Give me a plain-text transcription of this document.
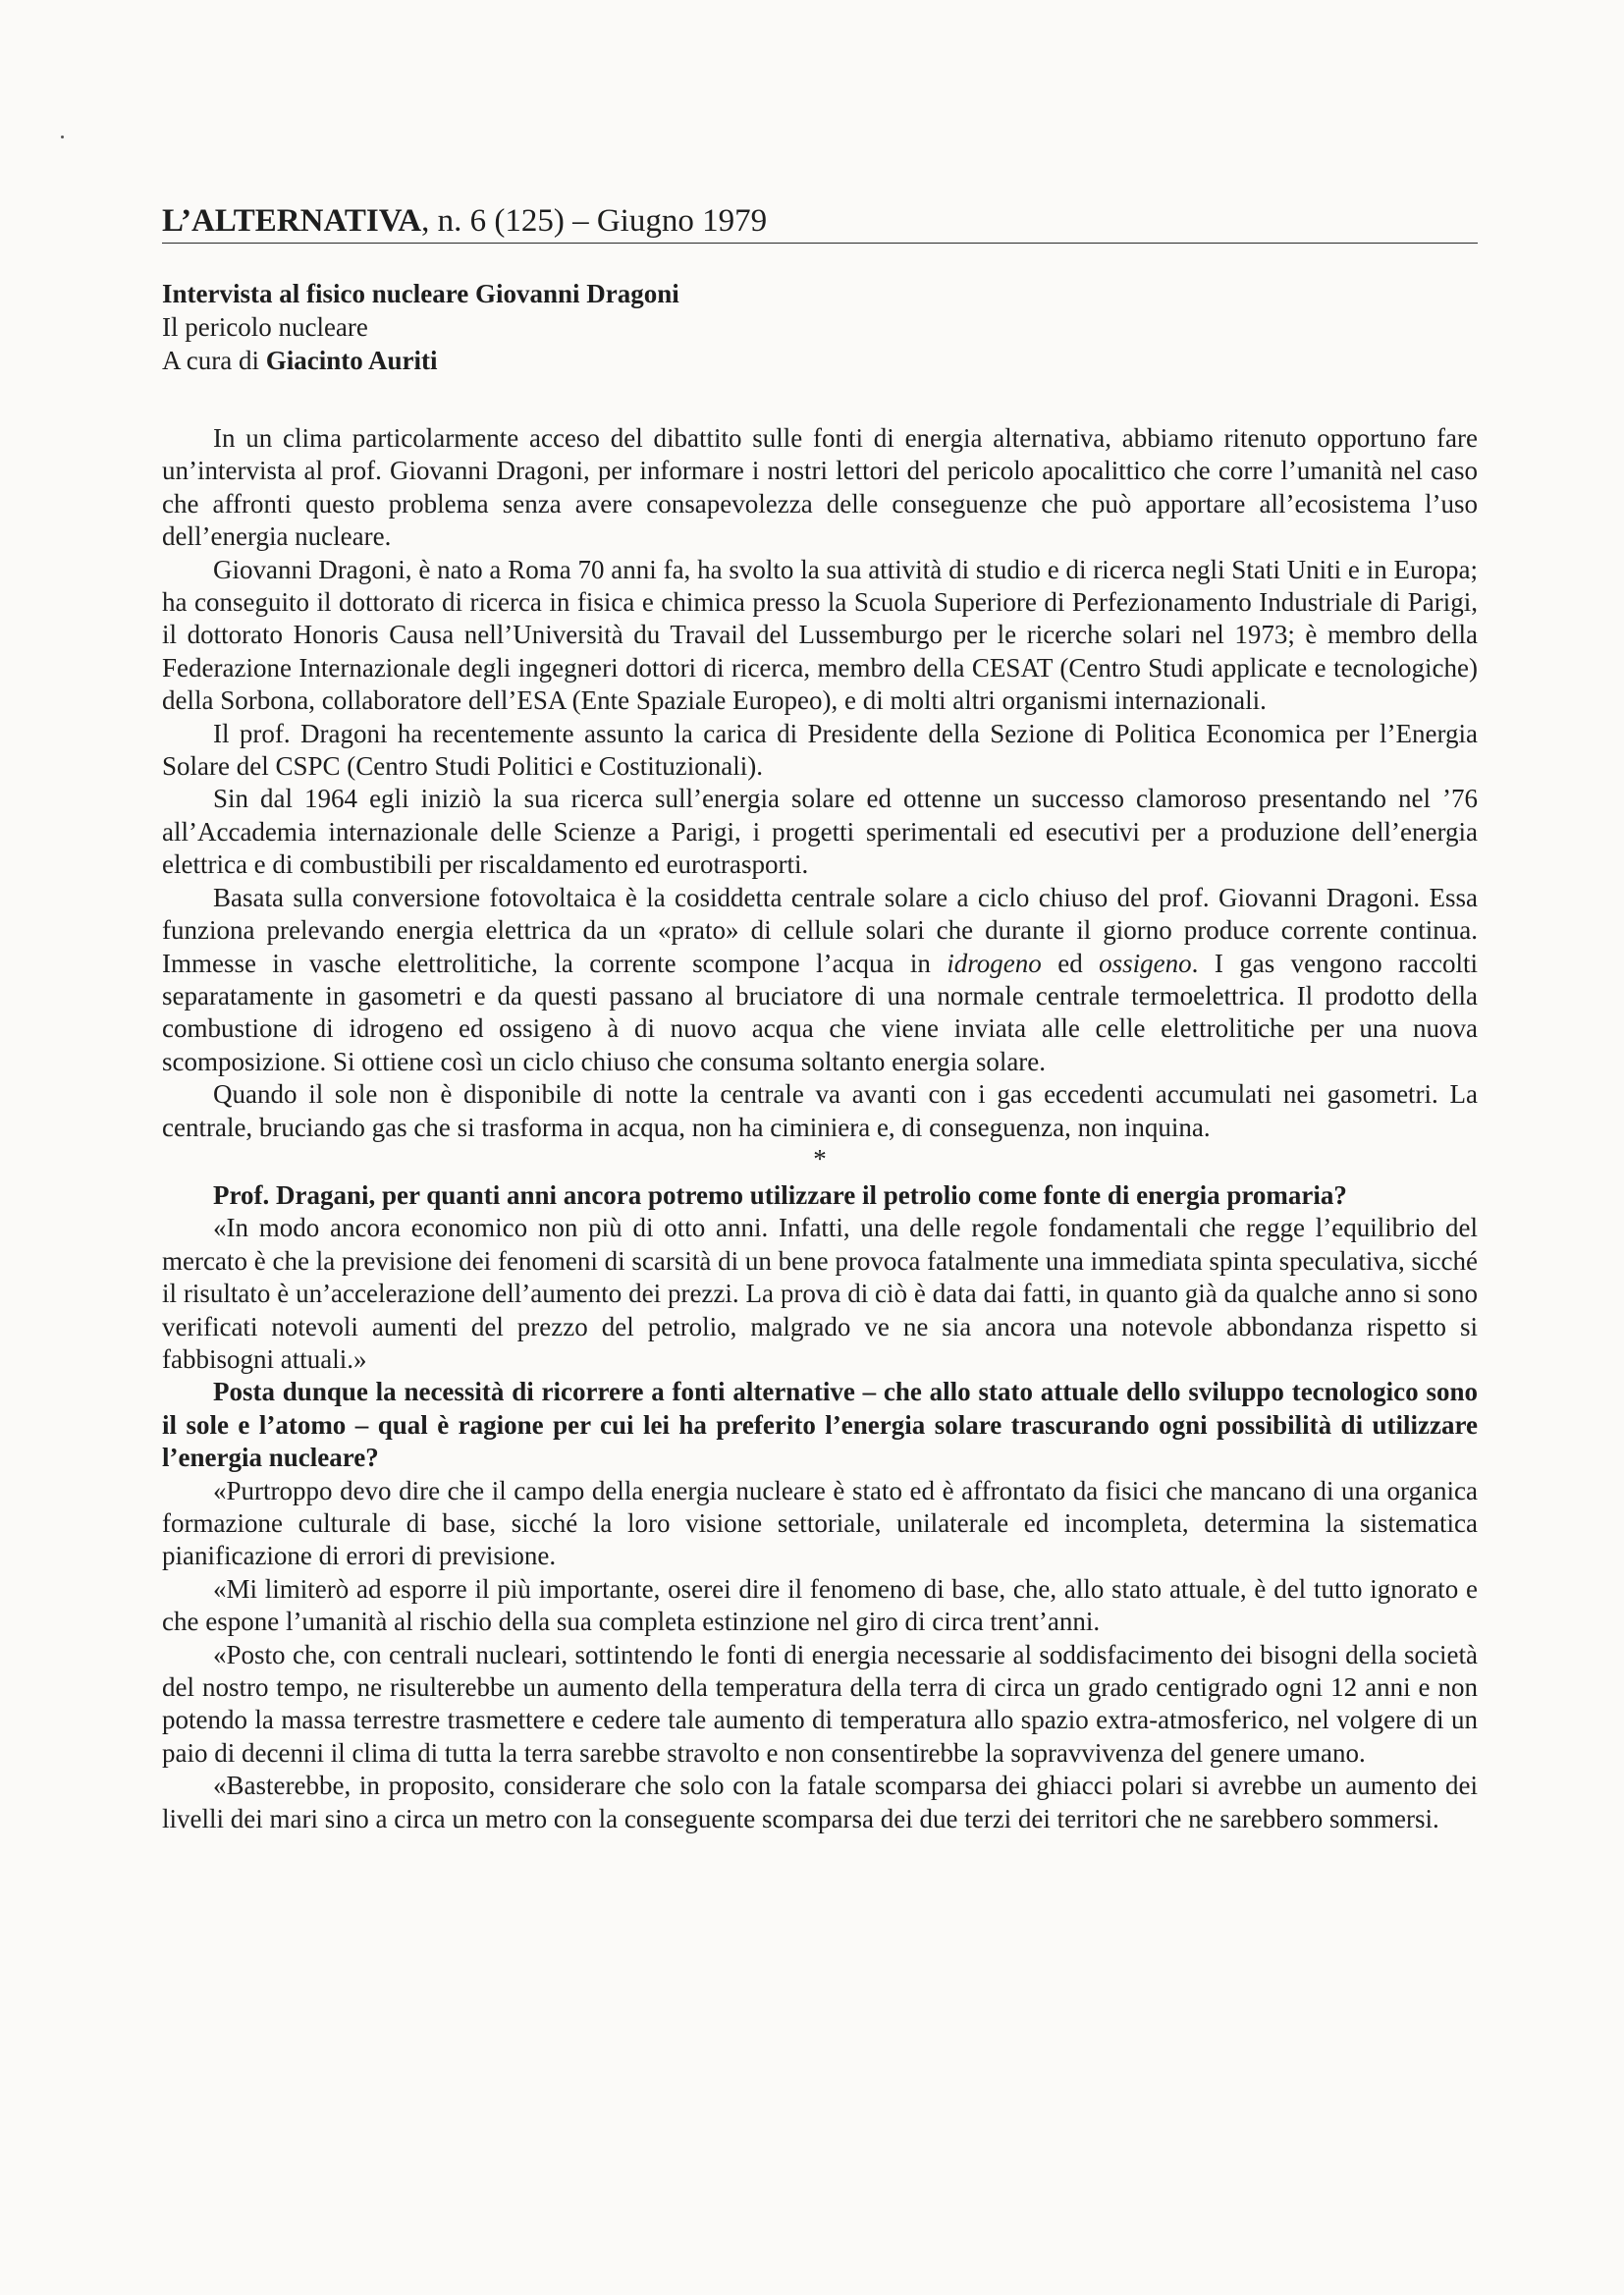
L’ALTERNATIVA, n. 6 (125) – Giugno 1979
Intervista al fisico nucleare Giovanni Dragoni
Il pericolo nucleare
A cura di Giacinto Auriti

In un clima particolarmente acceso del dibattito sulle fonti di energia alternativa, abbiamo ritenuto opportuno fare un’intervista al prof. Giovanni Dragoni, per informare i nostri lettori del pericolo apocalittico che corre l’umanità nel caso che affronti questo problema senza avere consapevolezza delle conseguenze che può apportare all’ecosistema l’uso dell’energia nucleare.

Giovanni Dragoni, è nato a Roma 70 anni fa, ha svolto la sua attività di studio e di ricerca negli Stati Uniti e in Europa; ha conseguito il dottorato di ricerca in fisica e chimica presso la Scuola Superiore di Perfezionamento Industriale di Parigi, il dottorato Honoris Causa nell’Università du Travail del Lussemburgo per le ricerche solari nel 1973; è membro della Federazione Internazionale degli ingegneri dottori di ricerca, membro della CESAT (Centro Studi applicate e tecnologiche) della Sorbona, collaboratore dell’ESA (Ente Spaziale Europeo), e di molti altri organismi internazionali.

Il prof. Dragoni ha recentemente assunto la carica di Presidente della Sezione di Politica Economica per l’Energia Solare del CSPC (Centro Studi Politici e Costituzionali).

Sin dal 1964 egli iniziò la sua ricerca sull’energia solare ed ottenne un successo clamoroso presentando nel ’76 all’Accademia internazionale delle Scienze a Parigi, i progetti sperimentali ed esecutivi per a produzione dell’energia elettrica e di combustibili per riscaldamento ed eurotrasporti.

Basata sulla conversione fotovoltaica è la cosiddetta centrale solare a ciclo chiuso del prof. Giovanni Dragoni. Essa funziona prelevando energia elettrica da un «prato» di cellule solari che durante il giorno produce corrente continua. Immesse in vasche elettrolitiche, la corrente scompone l’acqua in idrogeno ed ossigeno. I gas vengono raccolti separatamente in gasometri e da questi passano al bruciatore di una normale centrale termoelettrica. Il prodotto della combustione di idrogeno ed ossigeno à di nuovo acqua che viene inviata alle celle elettrolitiche per una nuova scomposizione. Si ottiene così un ciclo chiuso che consuma soltanto energia solare.

Quando il sole non è disponibile di notte la centrale va avanti con i gas eccedenti accumulati nei gasometri. La centrale, bruciando gas che si trasforma in acqua, non ha ciminiera e, di conseguenza, non inquina.

*

Prof. Dragani, per quanti anni ancora potremo utilizzare il petrolio come fonte di energia promaria?

«In modo ancora economico non più di otto anni. Infatti, una delle regole fondamentali che regge l’equilibrio del mercato è che la previsione dei fenomeni di scarsità di un bene provoca fatalmente una immediata spinta speculativa, sicché il risultato è un’accelerazione dell’aumento dei prezzi. La prova di ciò è data dai fatti, in quanto già da qualche anno si sono verificati notevoli aumenti del prezzo del petrolio, malgrado ve ne sia ancora una notevole abbondanza rispetto si fabbisogni attuali.»

Posta dunque la necessità di ricorrere a fonti alternative – che allo stato attuale dello sviluppo tecnologico sono il sole e l’atomo – qual è ragione per cui lei ha preferito l’energia solare trascurando ogni possibilità di utilizzare l’energia nucleare?

«Purtroppo devo dire che il campo della energia nucleare è stato ed è affrontato da fisici che mancano di una organica formazione culturale di base, sicché la loro visione settoriale, unilaterale ed incompleta, determina la sistematica pianificazione di errori di previsione.

«Mi limiterò ad esporre il più importante, oserei dire il fenomeno di base, che, allo stato attuale, è del tutto ignorato e che espone l’umanità al rischio della sua completa estinzione nel giro di circa trent’anni.

«Posto che, con centrali nucleari, sottintendo le fonti di energia necessarie al soddisfacimento dei bisogni della società del nostro tempo, ne risulterebbe un aumento della temperatura della terra di circa un grado centigrado ogni 12 anni e non potendo la massa terrestre trasmettere e cedere tale aumento di temperatura allo spazio extra-atmosferico, nel volgere di un paio di decenni il clima di tutta la terra sarebbe stravolto e non consentirebbe la sopravvivenza del genere umano.

«Basterebbe, in proposito, considerare che solo con la fatale scomparsa dei ghiacci polari si avrebbe un aumento dei livelli dei mari sino a circa un metro con la conseguente scomparsa dei due terzi dei territori che ne sarebbero sommersi.
